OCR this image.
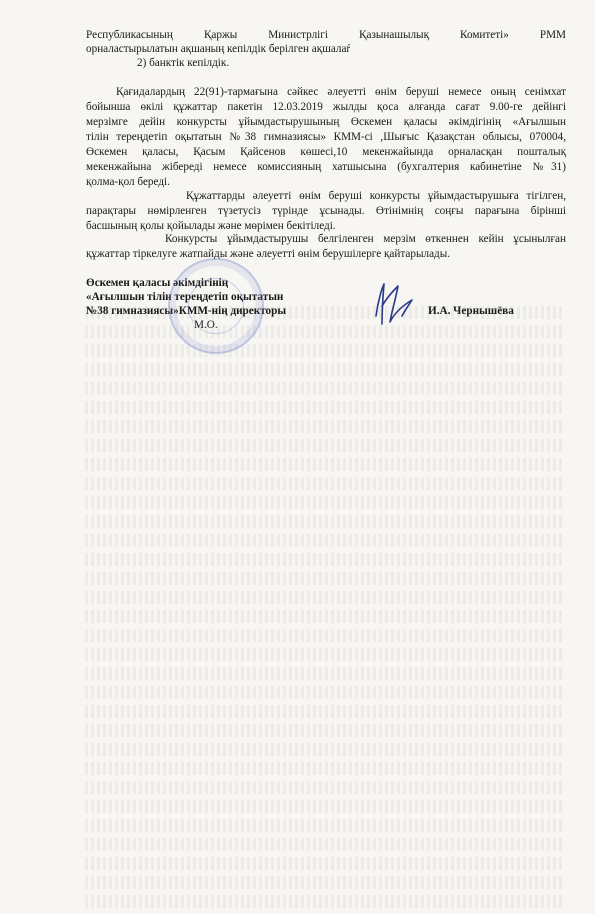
Республикасының Қаржы Министрлігі Қазынашылық Комитеті» РММ

орналастырылатын ақшаның кепілдік берілген ақшалаŕ

2) банктік кепілдік.

Қағидалардың 22(91)-тармағына сәйкес әлеуетті өнім беруші немесе оның сенімхат

бойынша өкілі құжаттар пакетін 12.03.2019 жылды қоса алғанда сағат 9.00-ге дейінгі

мерзімге дейін конкурсты ұйымдастырушының Өскемен қаласы әкімдігінің «Ағылшын

тілін тереңдетіп оқытатын №38 гимназиясы» КММ-сі ,Шығыс Қазақстан облысы, 070004,

Өскемен қаласы, Қасым Қайсенов көшесі,10 мекенжайында орналасқан пошталық

мекенжайына жібереді немесе комиссияның хатшысына (бухгалтерия кабинетіне №31)

қолма-қол береді.

Құжаттарды әлеуетті өнім беруші конкурсты ұйымдастырушыға тігілген,

парақтары нөмірленген түзетусіз түрінде ұсынады. Өтінімнің соңғы парағына бірінші

басшының қолы қойылады және мөрімен бекітіледі.

Конкурсты ұйымдастырушы белгіленген мерзім өткеннен кейін ұсынылған

құжаттар тіркелуге жатпайды және әлеуетті өнім берушілерге қайтарылады.

Өскемен қаласы әкімдігінің

«Ағылшын тілін тереңдетіп оқытатын

№38 гимназиясы»КММ-нің директоры	И.А. Чернышёва

М.О.
